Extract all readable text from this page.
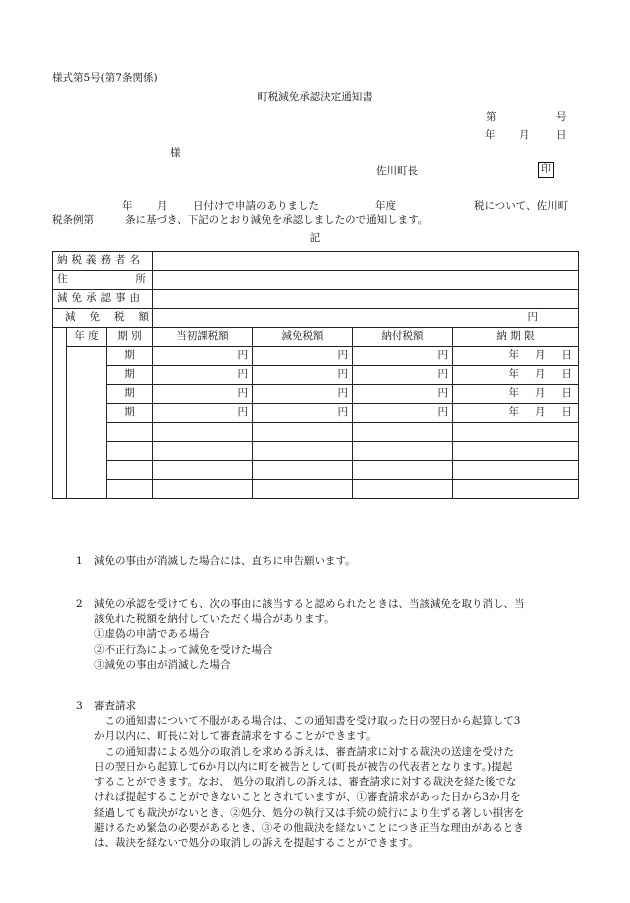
様式第5号(第7条関係)
町税減免承認決定通知書
第	号
年 月	日
様
佐川町長	印
年 月 日付けで申請のありました	年度	税について、佐川町
税条例第	条に基づき、下記のとおり減免を承認しましたので通知します。
記
納税義務者名						

住 所						

減免承認事由						
減免税額			円			
	年 度	期 別	当初課税額	減免税額	納付税額	納 期 限
		期	円	円	円	年 月 日

		期	円	円	円	年 月 日

		期	円	円	円	年 月 日

		期	円	円	円	年 月 日

1 減免の事由が消滅した場合には、直ちに申告願います。
2 減免の承認を受けても、次の事由に該当すると認められたときは、当該減免を取り消し、当
該免れた税額を納付していただく場合があります。
①虚偽の申請である場合
②不正行為によって減免を受けた場合
③減免の事由が消滅した場合
3 審査請求
この通知書について不服がある場合は、この通知書を受け取った日の翌日から起算して3
か月以内に、町長に対して審査請求をすることができます。
この通知書による処分の取消しを求める訴えは、審査請求に対する裁決の送達を受けた
日の翌日から起算して6か月以内に町を被告として(町長が被告の代表者となります。)提起
することができます。なお、 処分の取消しの訴えは、審査請求に対する裁決を経た後でな
ければ提起することができないこととされていますが、①審査請求があった日から3か月を
経過しても裁決がないとき、②処分、処分の執行又は手続の続行により生ずる著しい損害を
避けるため緊急の必要があるとき、③その他裁決を経ないことにつき正当な理由があるとき
は、裁決を経ないで処分の取消しの訴えを提起することができます。
